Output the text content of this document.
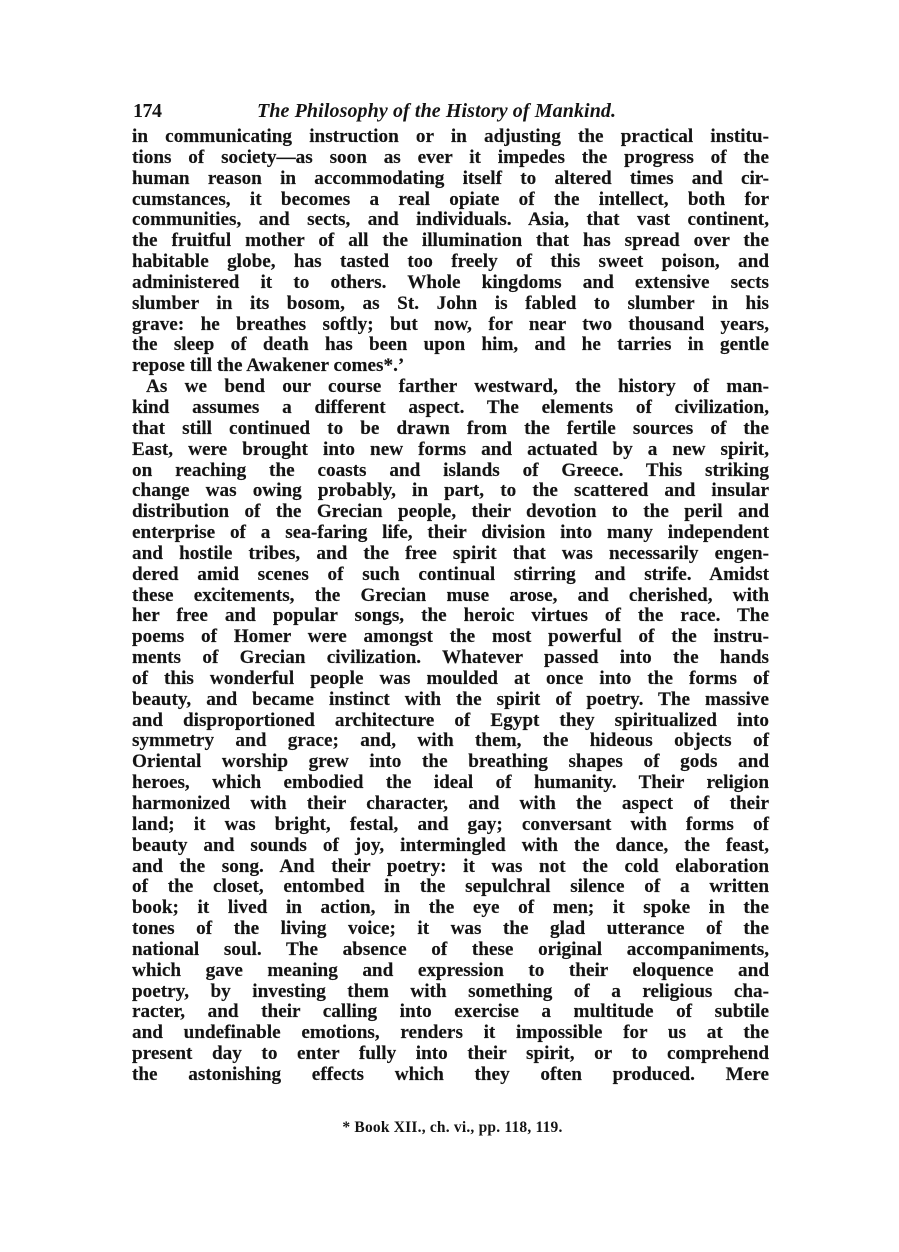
174	The Philosophy of the History of Mankind.
in communicating instruction or in adjusting the practical institu-
tions of society—as soon as ever it impedes the progress of the
human reason in accommodating itself to altered times and cir-
cumstances, it becomes a real opiate of the intellect, both for
communities, and sects, and individuals. Asia, that vast continent,
the fruitful mother of all the illumination that has spread over the
habitable globe, has tasted too freely of this sweet poison, and
administered it to others. Whole kingdoms and extensive sects
slumber in its bosom, as St. John is fabled to slumber in his
grave: he breathes softly; but now, for near two thousand years,
the sleep of death has been upon him, and he tarries in gentle
repose till the Awakener comes*.’
As we bend our course farther westward, the history of man-
kind assumes a different aspect. The elements of civilization,
that still continued to be drawn from the fertile sources of the
East, were brought into new forms and actuated by a new spirit,
on reaching the coasts and islands of Greece. This striking
change was owing probably, in part, to the scattered and insular
distribution of the Grecian people, their devotion to the peril and
enterprise of a sea-faring life, their division into many independent
and hostile tribes, and the free spirit that was necessarily engen-
dered amid scenes of such continual stirring and strife. Amidst
these excitements, the Grecian muse arose, and cherished, with
her free and popular songs, the heroic virtues of the race. The
poems of Homer were amongst the most powerful of the instru-
ments of Grecian civilization. Whatever passed into the hands
of this wonderful people was moulded at once into the forms of
beauty, and became instinct with the spirit of poetry. The massive
and disproportioned architecture of Egypt they spiritualized into
symmetry and grace; and, with them, the hideous objects of
Oriental worship grew into the breathing shapes of gods and
heroes, which embodied the ideal of humanity. Their religion
harmonized with their character, and with the aspect of their
land; it was bright, festal, and gay; conversant with forms of
beauty and sounds of joy, intermingled with the dance, the feast,
and the song. And their poetry: it was not the cold elaboration
of the closet, entombed in the sepulchral silence of a written
book; it lived in action, in the eye of men; it spoke in the
tones of the living voice; it was the glad utterance of the
national soul. The absence of these original accompaniments,
which gave meaning and expression to their eloquence and
poetry, by investing them with something of a religious cha-
racter, and their calling into exercise a multitude of subtile
and undefinable emotions, renders it impossible for us at the
present day to enter fully into their spirit, or to comprehend
the astonishing effects which they often produced. Mere
* Book XII., ch. vi., pp. 118, 119.
